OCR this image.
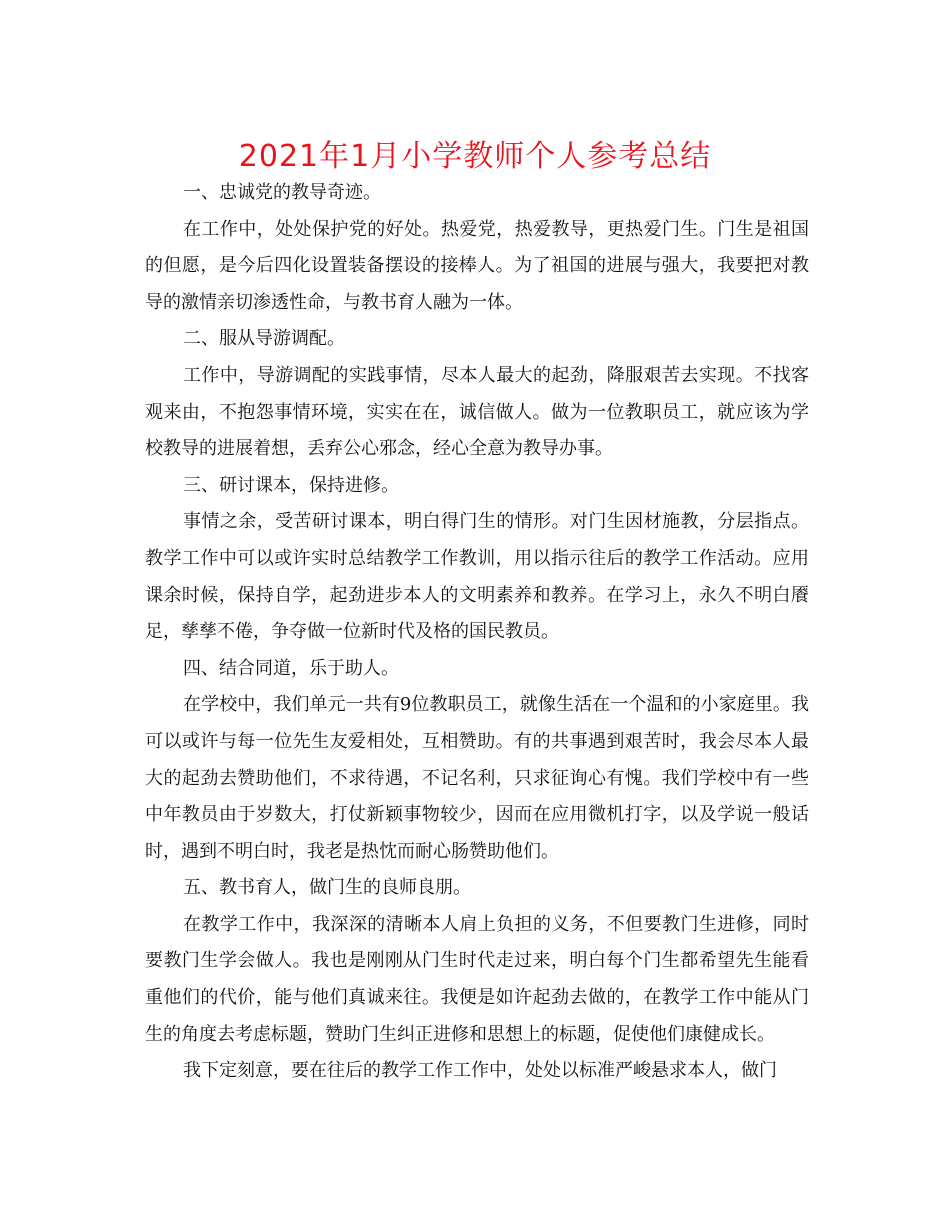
2021年1月小学教师个人参考总结

一、忠诚党的教导奇迹。

在工作中，处处保护党的好处。热爱党，热爱教导，更热爱门生。门生是祖国的但愿，是今后四化设置装备摆设的接棒人。为了祖国的进展与强大，我要把对教导的激情亲切渗透性命，与教书育人融为一体。

二、服从导游调配。

工作中，导游调配的实践事情，尽本人最大的起劲，降服艰苦去实现。不找客观来由，不抱怨事情环境，实实在在，诚信做人。做为一位教职员工，就应该为学校教导的进展着想，丢弃公心邪念，经心全意为教导办事。

三、研讨课本，保持进修。

事情之余，受苦研讨课本，明白得门生的情形。对门生因材施教，分层指点。教学工作中可以或许实时总结教学工作教训，用以指示往后的教学工作活动。应用课余时候，保持自学，起劲进步本人的文明素养和教养。在学习上，永久不明白餍足，孳孳不倦，争夺做一位新时代及格的国民教员。

四、结合同道，乐于助人。

在学校中，我们单元一共有9位教职员工，就像生活在一个温和的小家庭里。我可以或许与每一位先生友爱相处，互相赞助。有的共事遇到艰苦时，我会尽本人最大的起劲去赞助他们，不求待遇，不记名利，只求征询心有愧。我们学校中有一些中年教员由于岁数大，打仗新颖事物较少，因而在应用微机打字，以及学说一般话时，遇到不明白时，我老是热忱而耐心肠赞助他们。

五、教书育人，做门生的良师良朋。

在教学工作中，我深深的清晰本人肩上负担的义务，不但要教门生进修，同时要教门生学会做人。我也是刚刚从门生时代走过来，明白每个门生都希望先生能看重他们的代价，能与他们真诚来往。我便是如许起劲去做的，在教学工作中能从门生的角度去考虑标题，赞助门生纠正进修和思想上的标题，促使他们康健成长。

我下定刻意，要在往后的教学工作工作中，处处以标准严峻悬求本人，做门
